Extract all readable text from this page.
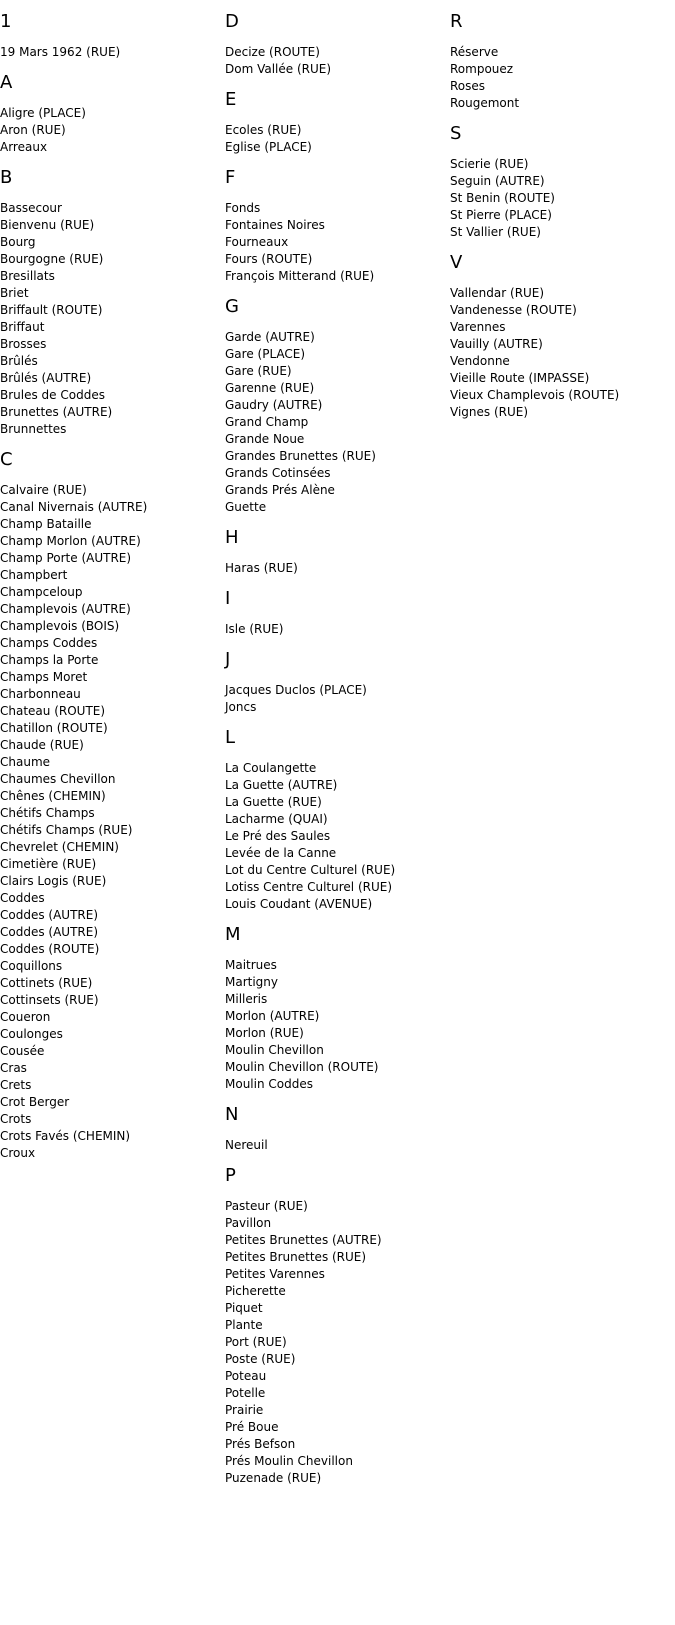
1
19 Mars 1962 (RUE)
A
Aligre (PLACE)
Aron (RUE)
Arreaux
B
Bassecour
Bienvenu (RUE)
Bourg
Bourgogne (RUE)
Bresillats
Briet
Briffault (ROUTE)
Briffaut
Brosses
Brûlés
Brûlés (AUTRE)
Brules de Coddes
Brunettes (AUTRE)
Brunnettes
C
Calvaire (RUE)
Canal Nivernais (AUTRE)
Champ Bataille
Champ Morlon (AUTRE)
Champ Porte (AUTRE)
Champbert
Champceloup
Champlevois (AUTRE)
Champlevois (BOIS)
Champs Coddes
Champs la Porte
Champs Moret
Charbonneau
Chateau (ROUTE)
Chatillon (ROUTE)
Chaude (RUE)
Chaume
Chaumes Chevillon
Chênes (CHEMIN)
Chétifs Champs
Chétifs Champs (RUE)
Chevrelet (CHEMIN)
Cimetière (RUE)
Clairs Logis (RUE)
Coddes
Coddes (AUTRE)
Coddes (AUTRE)
Coddes (ROUTE)
Coquillons
Cottinets (RUE)
Cottinsets (RUE)
Coueron
Coulonges
Cousée
Cras
Crets
Crot Berger
Crots
Crots Favés (CHEMIN)
Croux
D
Decize (ROUTE)
Dom Vallée (RUE)
E
Ecoles (RUE)
Eglise (PLACE)
F
Fonds
Fontaines Noires
Fourneaux
Fours (ROUTE)
François Mitterand (RUE)
G
Garde (AUTRE)
Gare (PLACE)
Gare (RUE)
Garenne (RUE)
Gaudry (AUTRE)
Grand Champ
Grande Noue
Grandes Brunettes (RUE)
Grands Cotinsées
Grands Prés Alène
Guette
H
Haras (RUE)
I
Isle (RUE)
J
Jacques Duclos (PLACE)
Joncs
L
La Coulangette
La Guette (AUTRE)
La Guette (RUE)
Lacharme (QUAI)
Le Pré des Saules
Levée de la Canne
Lot du Centre Culturel (RUE)
Lotiss Centre Culturel (RUE)
Louis Coudant (AVENUE)
M
Maitrues
Martigny
Milleris
Morlon (AUTRE)
Morlon (RUE)
Moulin Chevillon
Moulin Chevillon (ROUTE)
Moulin Coddes
N
Nereuil
P
Pasteur (RUE)
Pavillon
Petites Brunettes (AUTRE)
Petites Brunettes (RUE)
Petites Varennes
Picherette
Piquet
Plante
Port (RUE)
Poste (RUE)
Poteau
Potelle
Prairie
Pré Boue
Prés Befson
Prés Moulin Chevillon
Puzenade (RUE)
R
Réserve
Rompouez
Roses
Rougemont
S
Scierie (RUE)
Seguin (AUTRE)
St Benin (ROUTE)
St Pierre (PLACE)
St Vallier (RUE)
V
Vallendar (RUE)
Vandenesse (ROUTE)
Varennes
Vauilly (AUTRE)
Vendonne
Vieille Route (IMPASSE)
Vieux Champlevois (ROUTE)
Vignes (RUE)
